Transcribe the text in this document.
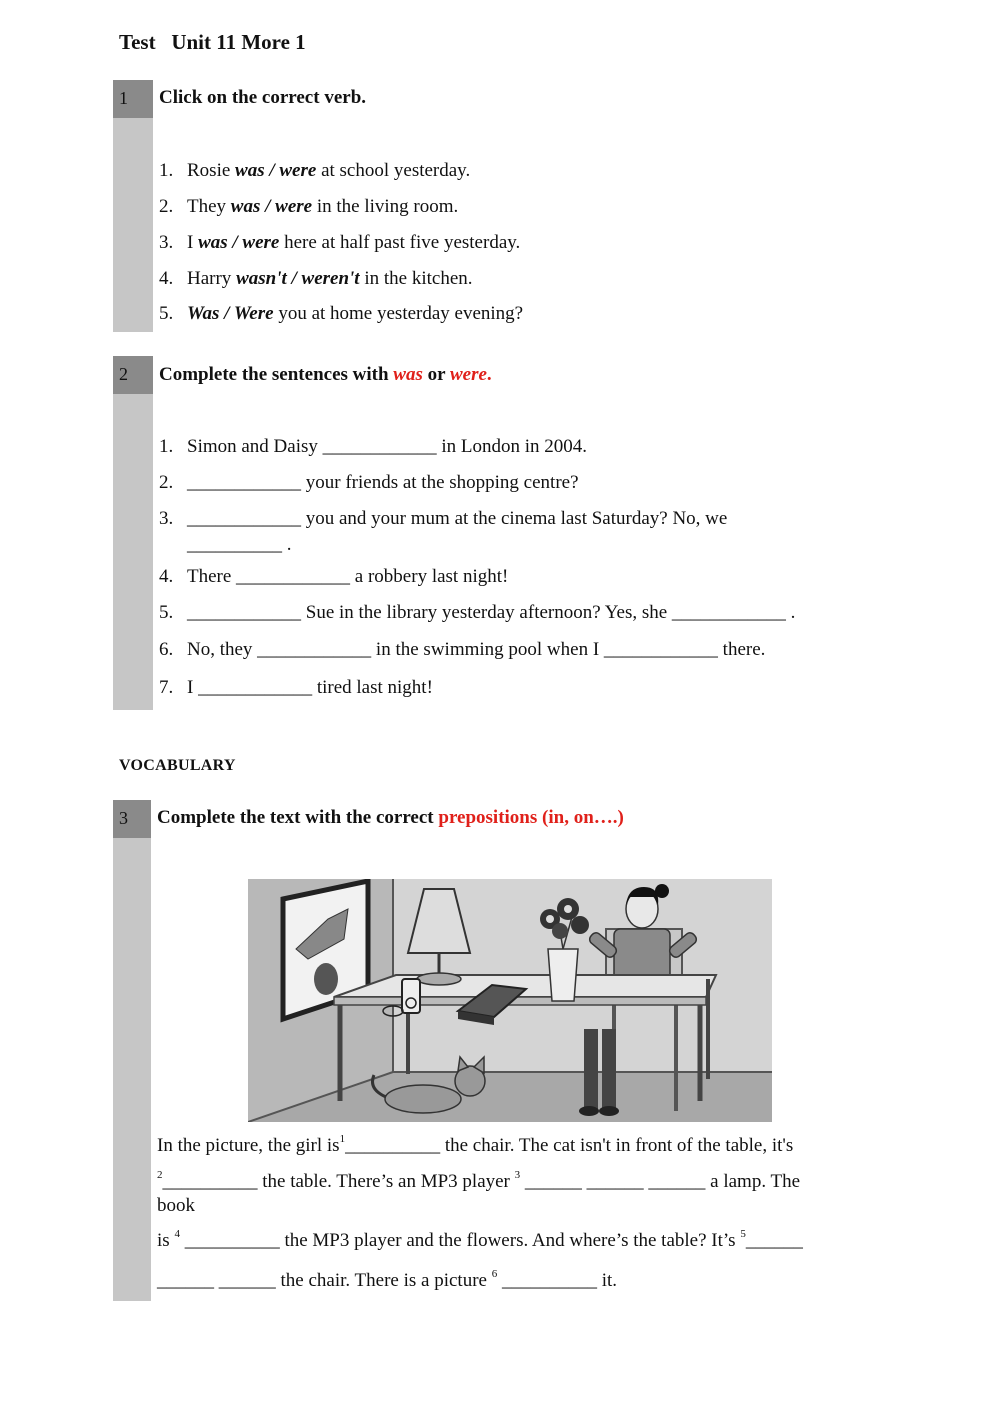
Test   Unit 11 More 1
1	Click on the correct verb.
1. Rosie was / were at school yesterday.
2. They was / were in the living room.
3. I was / were here at half past five yesterday.
4. Harry wasn't / weren't in the kitchen.
5. Was / Were you at home yesterday evening?
2	Complete the sentences with was or were.
1. Simon and Daisy ____________ in London in 2004.
2. ____________ your friends at the shopping centre?
3. ____________ you and your mum at the cinema last Saturday? No, we
__________ .
4. There ____________ a robbery last night!
5. ____________ Sue in the library yesterday afternoon? Yes, she ____________ .
6. No, they ____________ in the swimming pool when I ____________ there.
7. I ____________ tired last night!
VOCABULARY
3	Complete the text with the correct prepositions (in, on….)
In the picture, the girl $is^1\_\_\_\_\_\_\_\_\_\_$ the chair. The cat isn't in front of the table, it's
$^2$__________ the table. There’s an MP3 player $^3$ ______ ______ ______ a lamp. The
book
is $^4$ __________ the MP3 player and the flowers. And where’s the table? It’s $^5$______
______ ______ the chair. There is a picture $^6$ __________ it.
